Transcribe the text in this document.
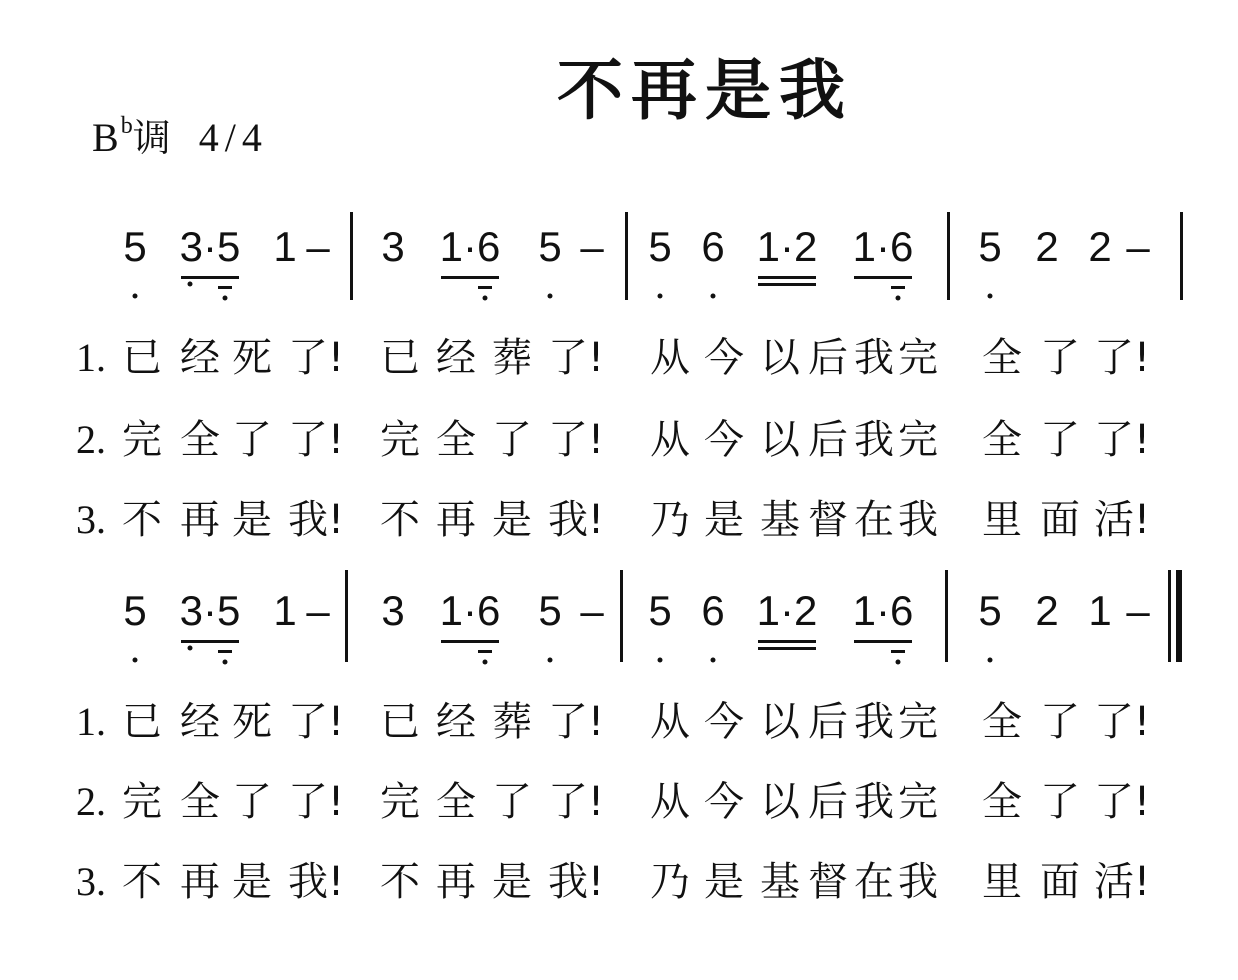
不再是我
$B^b$调 4/4
5 3·5 1 – 3 1·6 5 – 5 6 1·2 1·6 5 2 2 –
1. 已 经 死 了! 已 经 葬 了! 从 今 以 后 我 完 全 了 了!
2. 完 全 了 了! 完 全 了 了! 从 今 以 后 我 完 全 了 了!
3. 不 再 是 我! 不 再 是 我! 乃 是 基 督 在 我 里 面 活!
5 3·5 1 – 3 1·6 5 – 5 6 1·2 1·6 5 2 1 –
1. 已 经 死 了! 已 经 葬 了! 从 今 以 后 我 完 全 了 了!
2. 完 全 了 了! 完 全 了 了! 从 今 以 后 我 完 全 了 了!
3. 不 再 是 我! 不 再 是 我! 乃 是 基 督 在 我 里 面 活!
